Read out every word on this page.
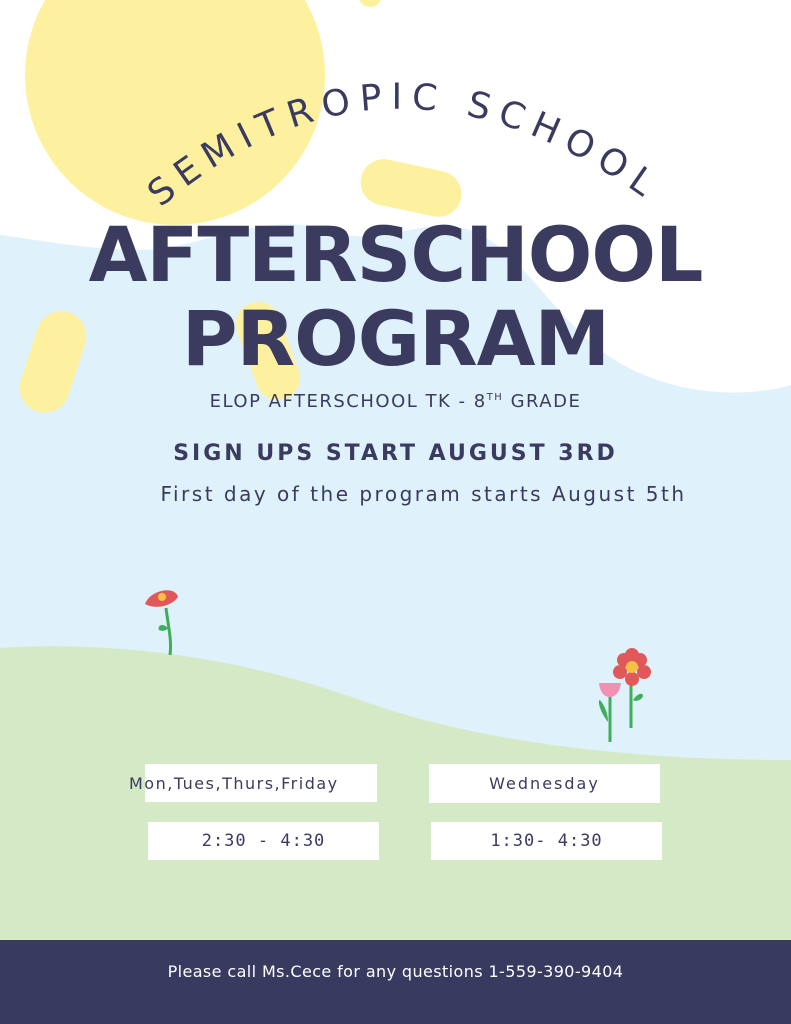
SEMITROPIC SCHOOL
AFTERSCHOOL
PROGRAM
ELOP AFTERSCHOOL TK - 8TH GRADE
SIGN UPS START AUGUST 3RD
First day of the program starts August 5th
Mon,Tues,Thurs,Friday	Wednesday
2:30 - 4:30	1:30- 4:30
Please call Ms.Cece for any questions 1-559-390-9404
